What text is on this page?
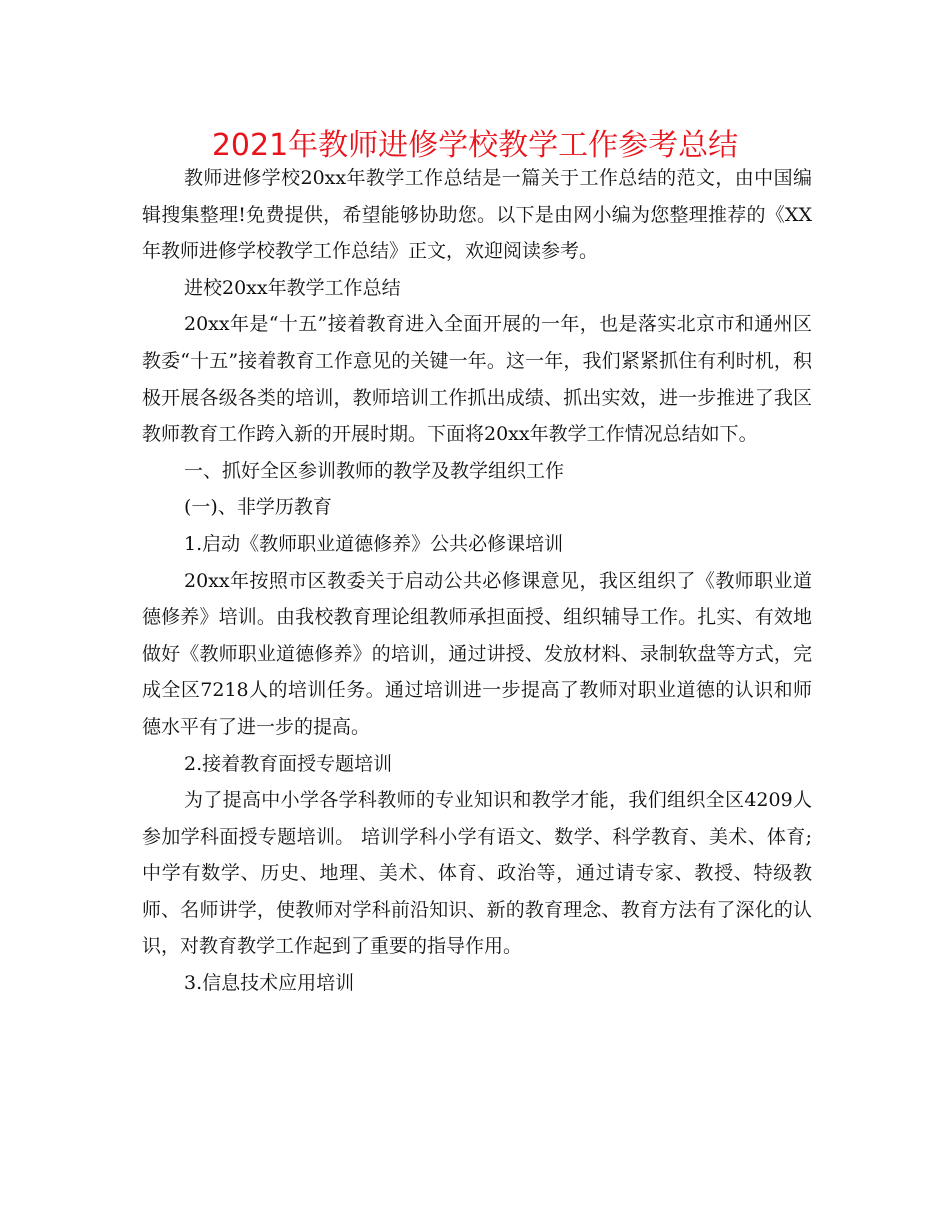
2021年教师进修学校教学工作参考总结

教师进修学校20xx年教学工作总结是一篇关于工作总结的范文，由中国编辑搜集整理!免费提供，希望能够协助您。以下是由网小编为您整理推荐的《XX年教师进修学校教学工作总结》正文，欢迎阅读参考。

进校20xx年教学工作总结

20xx年是“十五”接着教育进入全面开展的一年，也是落实北京市和通州区教委“十五”接着教育工作意见的关键一年。这一年，我们紧紧抓住有利时机，积极开展各级各类的培训，教师培训工作抓出成绩、抓出实效，进一步推进了我区教师教育工作跨入新的开展时期。下面将20xx年教学工作情况总结如下。

一、抓好全区参训教师的教学及教学组织工作

(一)、非学历教育

1.启动《教师职业道德修养》公共必修课培训

20xx年按照市区教委关于启动公共必修课意见，我区组织了《教师职业道德修养》培训。由我校教育理论组教师承担面授、组织辅导工作。扎实、有效地做好《教师职业道德修养》的培训，通过讲授、发放材料、录制软盘等方式，完成全区7218人的培训任务。通过培训进一步提高了教师对职业道德的认识和师德水平有了进一步的提高。

2.接着教育面授专题培训

为了提高中小学各学科教师的专业知识和教学才能，我们组织全区4209人参加学科面授专题培训。 培训学科小学有语文、数学、科学教育、美术、体育;中学有数学、历史、地理、美术、体育、政治等，通过请专家、教授、特级教师、名师讲学，使教师对学科前沿知识、新的教育理念、教育方法有了深化的认识，对教育教学工作起到了重要的指导作用。

3.信息技术应用培训
